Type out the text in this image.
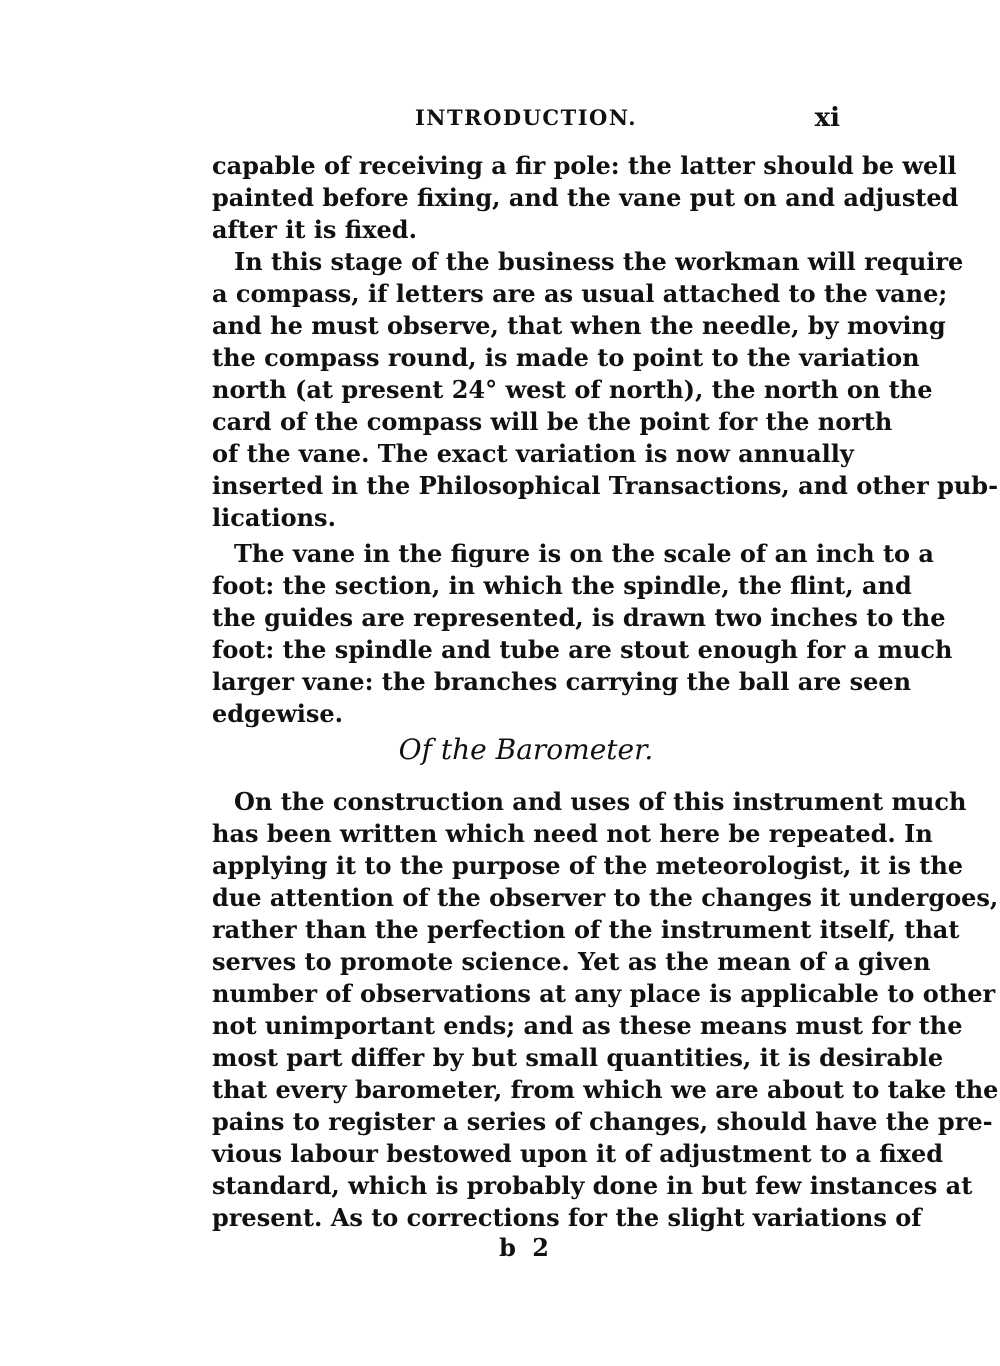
INTRODUCTION.	xi
capable of receiving a fir pole: the latter should be well
painted before fixing, and the vane put on and adjusted
after it is fixed.
In this stage of the business the workman will require
a compass, if letters are as usual attached to the vane;
and he must observe, that when the needle, by moving
the compass round, is made to point to the variation
north (at present 24° west of north), the north on the
card of the compass will be the point for the north
of the vane. The exact variation is now annually
inserted in the Philosophical Transactions, and other pub-
lications.
The vane in the figure is on the scale of an inch to a
foot: the section, in which the spindle, the flint, and
the guides are represented, is drawn two inches to the
foot: the spindle and tube are stout enough for a much
larger vane: the branches carrying the ball are seen
edgewise.
Of the Barometer.
On the construction and uses of this instrument much
has been written which need not here be repeated. In
applying it to the purpose of the meteorologist, it is the
due attention of the observer to the changes it undergoes,
rather than the perfection of the instrument itself, that
serves to promote science. Yet as the mean of a given
number of observations at any place is applicable to other
not unimportant ends; and as these means must for the
most part differ by but small quantities, it is desirable
that every barometer, from which we are about to take the
pains to register a series of changes, should have the pre-
vious labour bestowed upon it of adjustment to a fixed
standard, which is probably done in but few instances at
present. As to corrections for the slight variations of
b 2
